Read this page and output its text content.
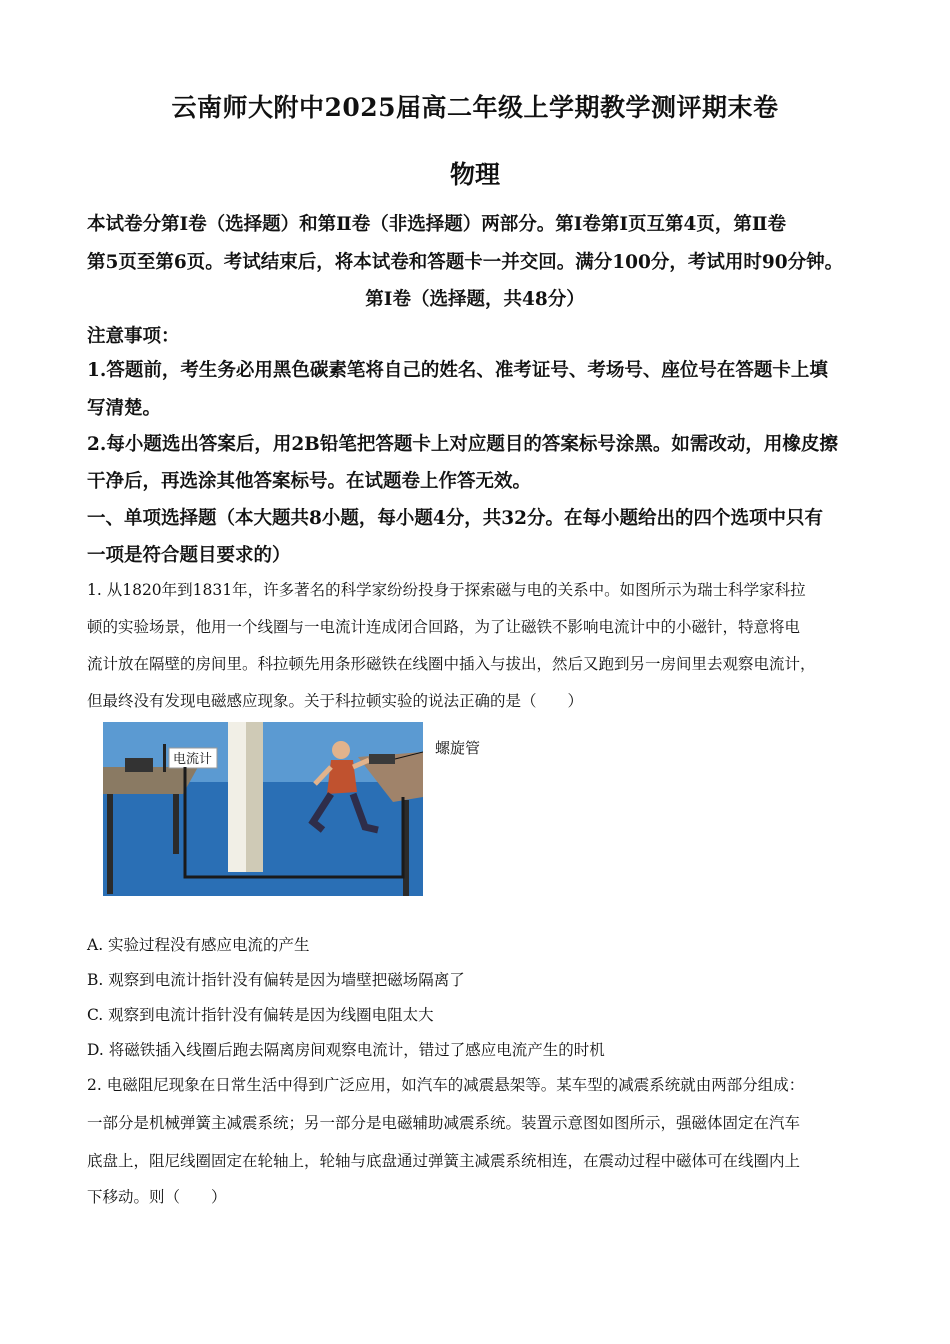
云南师大附中2025届高二年级上学期教学测评期末卷
物理
本试卷分第Ⅰ卷（选择题）和第Ⅱ卷（非选择题）两部分。第Ⅰ卷第Ⅰ页互第4页，第Ⅱ卷
第5页至第6页。考试结束后，将本试卷和答题卡一并交回。满分100分，考试用时90分钟。
第Ⅰ卷（选择题，共48分）
注意事项：
1.答题前，考生务必用黑色碳素笔将自己的姓名、准考证号、考场号、座位号在答题卡上填
写清楚。
2.每小题选出答案后，用2B铅笔把答题卡上对应题目的答案标号涂黑。如需改动，用橡皮擦
干净后，再选涂其他答案标号。在试题卷上作答无效。
一、单项选择题（本大题共8小题，每小题4分，共32分。在每小题给出的四个选项中只有
一项是符合题目要求的）
1. 从1820年到1831年，许多著名的科学家纷纷投身于探索磁与电的关系中。如图所示为瑞士科学家科拉
顿的实验场景，他用一个线圈与一电流计连成闭合回路，为了让磁铁不影响电流计中的小磁针，特意将电
流计放在隔壁的房间里。科拉顿先用条形磁铁在线圈中插入与拔出，然后又跑到另一房间里去观察电流计，
但最终没有发现电磁感应现象。关于科拉顿实验的说法正确的是（　　）
电流计
螺旋管
A. 实验过程没有感应电流的产生
B. 观察到电流计指针没有偏转是因为墙壁把磁场隔离了
C. 观察到电流计指针没有偏转是因为线圈电阻太大
D. 将磁铁插入线圈后跑去隔离房间观察电流计，错过了感应电流产生的时机
2. 电磁阻尼现象在日常生活中得到广泛应用，如汽车的减震悬架等。某车型的减震系统就由两部分组成：
一部分是机械弹簧主减震系统；另一部分是电磁辅助减震系统。装置示意图如图所示，强磁体固定在汽车
底盘上，阻尼线圈固定在轮轴上，轮轴与底盘通过弹簧主减震系统相连，在震动过程中磁体可在线圈内上
下移动。则（　　）
